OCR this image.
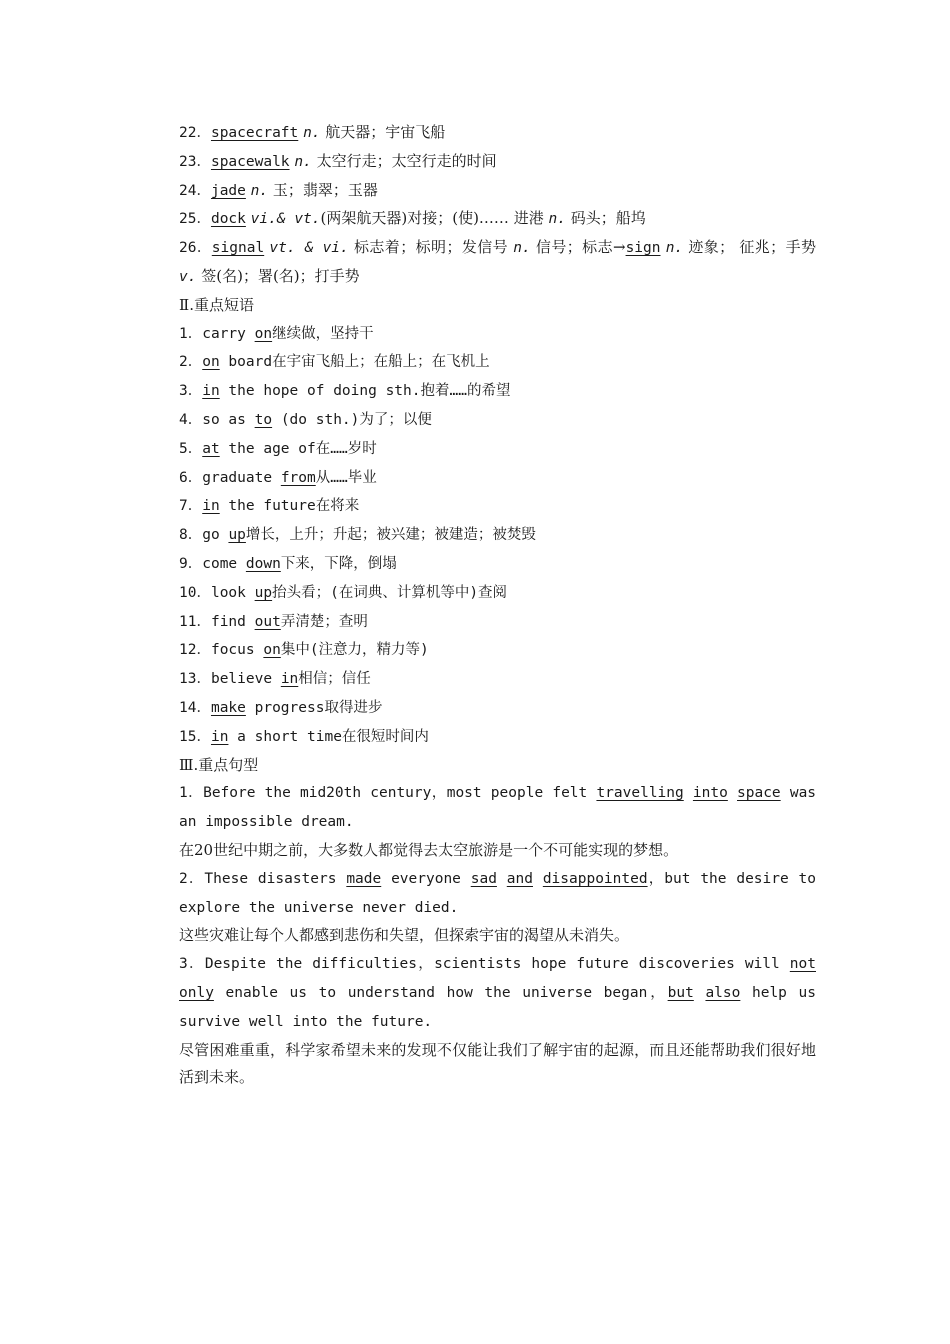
22．spacecraft n. 航天器；宇宙飞船
23．spacewalk n. 太空行走；太空行走的时间
24．jade n. 玉；翡翠；玉器
25．dock vi.& vt.(两架航天器)对接；(使)…… 进港 n. 码头；船坞
26．signal vt. & vi. 标志着；标明；发信号 n. 信号；标志→sign n. 迹象； 征兆；手势 v. 签(名)；署(名)；打手势
Ⅱ.重点短语
1．carry on继续做，坚持干
2．on board在宇宙飞船上；在船上；在飞机上
3．in the hope of doing sth.抱着……的希望
4．so as to (do sth.)为了；以便
5．at the age of在……岁时
6．graduate from从……毕业
7．in the future在将来
8．go up增长，上升；升起；被兴建；被建造；被焚毁
9．come down下来，下降，倒塌
10．look up抬头看；(在词典、计算机等中)查阅
11．find out弄清楚；查明
12．focus on集中(注意力，精力等)
13．believe in相信；信任
14．make progress取得进步
15．in a short time在很短时间内
Ⅲ.重点句型
1．Before the mid20th century，most people felt travelling into space was an impossible dream.
在20世纪中期之前，大多数人都觉得去太空旅游是一个不可能实现的梦想。
2．These disasters made everyone sad and disappointed，but the desire to explore the universe never died.
这些灾难让每个人都感到悲伤和失望，但探索宇宙的渴望从未消失。
3．Despite the difficulties，scientists hope future discoveries will not only enable us to understand how the universe began，but also help us survive well into the future.
尽管困难重重，科学家希望未来的发现不仅能让我们了解宇宙的起源，而且还能帮助我们很好地活到未来。
